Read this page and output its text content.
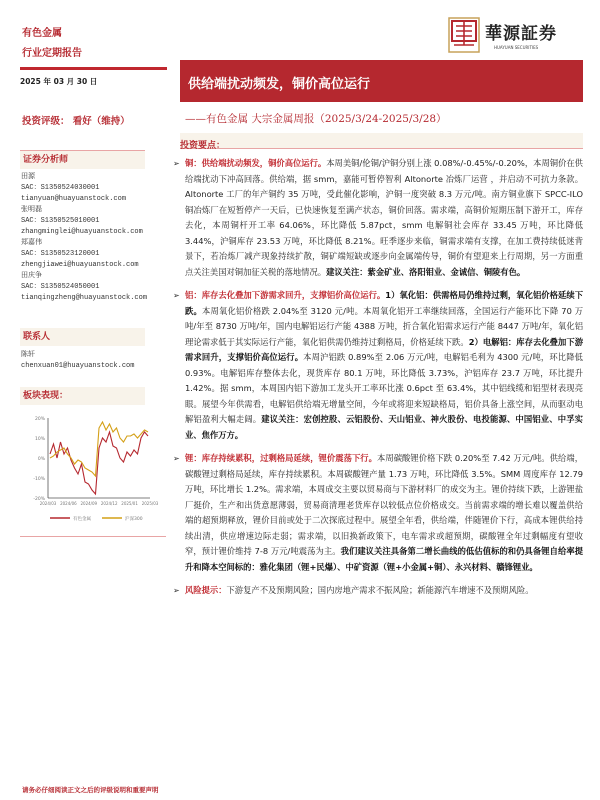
有色金属
行业定期报告
2025 年 03 月 30 日
華源証券
HUAYUAN SECURITIES
供给端扰动频发，铜价高位运行
——有色金属 大宗金属周报（2025/3/24-2025/3/28）
投资评级： 看好（维持）
投资要点：
证券分析师
田源
SAC：S1350524030001
tianyuan@huayuanstock.com
张明磊
SAC：S1350525010001
zhangminglei@huayuanstock.com
郑嘉伟
SAC：S1350523120001
zhengjiawei@huayuanstock.com
田庆争
SAC：S1350524050001
tianqingzheng@huayuanstock.com
联系人
陈轩
chenxuan01@huayuanstock.com
板块表现：
20%
10%
0%
-10%
-20%
2024/03 2024/06 2024/09 2024/12 2025/01 2025/03
有色金属	沪深300
➢ 铜：供给端扰动频发，铜价高位运行。本周美铜/伦铜/沪铜分别上涨 0.08%/-0.45%/-0.20%，本周铜价在供给端扰动下冲高回落。供给端，据 smm，嘉能可暂停智利 Altonorte 冶炼厂运营 ，并启动不可抗力条款。Altonorte 工厂的年产铜约 35 万吨，受此催化影响，沪铜一度突破 8.3 万元/吨。南方铜业旗下 SPCC-ILO 铜冶炼厂在短暂停产一天后，已快速恢复至满产状态，铜价回落。需求端，高铜价短期压制下游开工，库存去化，本周铜杆开工率 64.06%，环比降低 5.87pct，smm 电解铜社会库存 33.45 万吨，环比降低 3.44%，沪铜库存 23.53 万吨，环比降低 8.21%。旺季逐步来临，铜需求端有支撑，在加工费持续低迷背景下，若冶炼厂减产现象持续扩散，铜矿端短缺或逐步向金属端传导，铜价有望迎来上行周期，另一方面重点关注美国对铜加征关税的落地情况。建议关注：紫金矿业、洛阳钼业、金诚信、铜陵有色。
➢ 铝：库存去化叠加下游需求回升，支撑铝价高位运行。1）氧化铝：供需格局仍维持过剩，氧化铝价格延续下跌。本周氧化铝价格跌 2.04%至 3120 元/吨。本周氧化铝开工率继续回落，全国运行产能环比下降 70 万吨/年至 8730 万吨/年，国内电解铝运行产能 4388 万吨，折合氧化铝需求运行产能 8447 万吨/年，氧化铝理论需求低于其实际运行产能，氧化铝供需仍维持过剩格局，价格延续下跌。2）电解铝：库存去化叠加下游需求回升，支撑铝价高位运行。本周沪铝跌 0.89%至 2.06 万元/吨，电解铝毛利为 4300 元/吨，环比降低 0.93%。电解铝库存整体去化，现货库存 80.1 万吨，环比降低 3.73%，沪铝库存 23.7 万吨，环比提升 1.42%。据 smm，本周国内铝下游加工龙头开工率环比涨 0.6pct 至 63.4%，其中铝线缆和铝型材表现亮眼。展望今年供需看，电解铝供给端无增量空间，今年或将迎来短缺格局，铝价具备上涨空间，从而驱动电解铝盈利大幅走阔。建议关注：宏创控股、云铝股份、天山铝业、神火股份、电投能源、中国铝业、中孚实业、焦作万方。
➢ 锂：库存持续累积，过剩格局延续，锂价震荡下行。本周碳酸锂价格下跌 0.20%至 7.42 万元/吨。供给端，碳酸锂过剩格局延续，库存持续累积。本周碳酸锂产量 1.73 万吨，环比降低 3.5%。SMM 周度库存 12.79 万吨，环比增长 1.2%。需求端，本周成交主要以贸易商与下游材料厂的成交为主。锂价持续下跌，上游锂盐厂挺价，生产和出货意愿薄弱，贸易商清理老货库存以较低点位价格成交。当前需求端的增长难以覆盖供给端的超预期释放，锂价目前或处于二次探底过程中。展望全年看，供给端，伴随锂价下行，高成本锂供给持续出清，供应增速边际走弱；需求端，以旧换新政策下，电车需求或超预期，碳酸锂全年过剩幅度有望收窄，预计锂价维持 7-8 万元/吨震荡为主。我们建议关注具备第二增长曲线的低估值标的和仍具备锂自给率提升和降本空间标的：雅化集团（锂+民爆）、中矿资源（锂+小金属+铜）、永兴材料、赣锋锂业。
➢ 风险提示：下游复产不及预期风险；国内房地产需求不振风险；新能源汽车增速不及预期风险。
请务必仔细阅读正文之后的评级说明和重要声明
